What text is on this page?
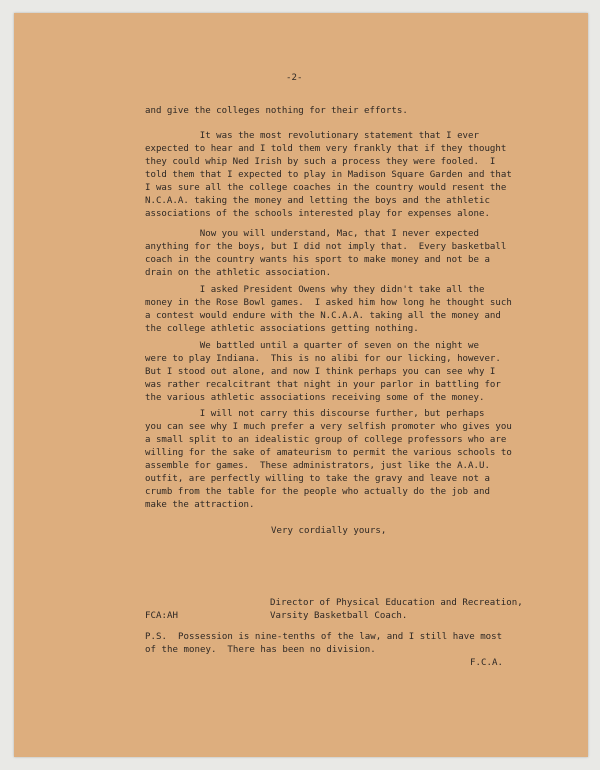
-2-
and give the colleges nothing for their efforts.
It was the most revolutionary statement that I ever
expected to hear and I told them very frankly that if they thought
they could whip Ned Irish by such a process they were fooled.  I
told them that I expected to play in Madison Square Garden and that
I was sure all the college coaches in the country would resent the
N.C.A.A. taking the money and letting the boys and the athletic
associations of the schools interested play for expenses alone.
Now you will understand, Mac, that I never expected
anything for the boys, but I did not imply that.  Every basketball
coach in the country wants his sport to make money and not be a
drain on the athletic association.
I asked President Owens why they didn't take all the
money in the Rose Bowl games.  I asked him how long he thought such
a contest would endure with the N.C.A.A. taking all the money and
the college athletic associations getting nothing.
We battled until a quarter of seven on the night we
were to play Indiana.  This is no alibi for our licking, however.
But I stood out alone, and now I think perhaps you can see why I
was rather recalcitrant that night in your parlor in battling for
the various athletic associations receiving some of the money.
I will not carry this discourse further, but perhaps
you can see why I much prefer a very selfish promoter who gives you
a small split to an idealistic group of college professors who are
willing for the sake of amateurism to permit the various schools to
assemble for games.  These administrators, just like the A.A.U.
outfit, are perfectly willing to take the gravy and leave not a
crumb from the table for the people who actually do the job and
make the attraction.
Very cordially yours,
Director of Physical Education and Recreation,
Varsity Basketball Coach.
FCA:AH
P.S.  Possession is nine-tenths of the law, and I still have most
of the money.  There has been no division.
F.C.A.
